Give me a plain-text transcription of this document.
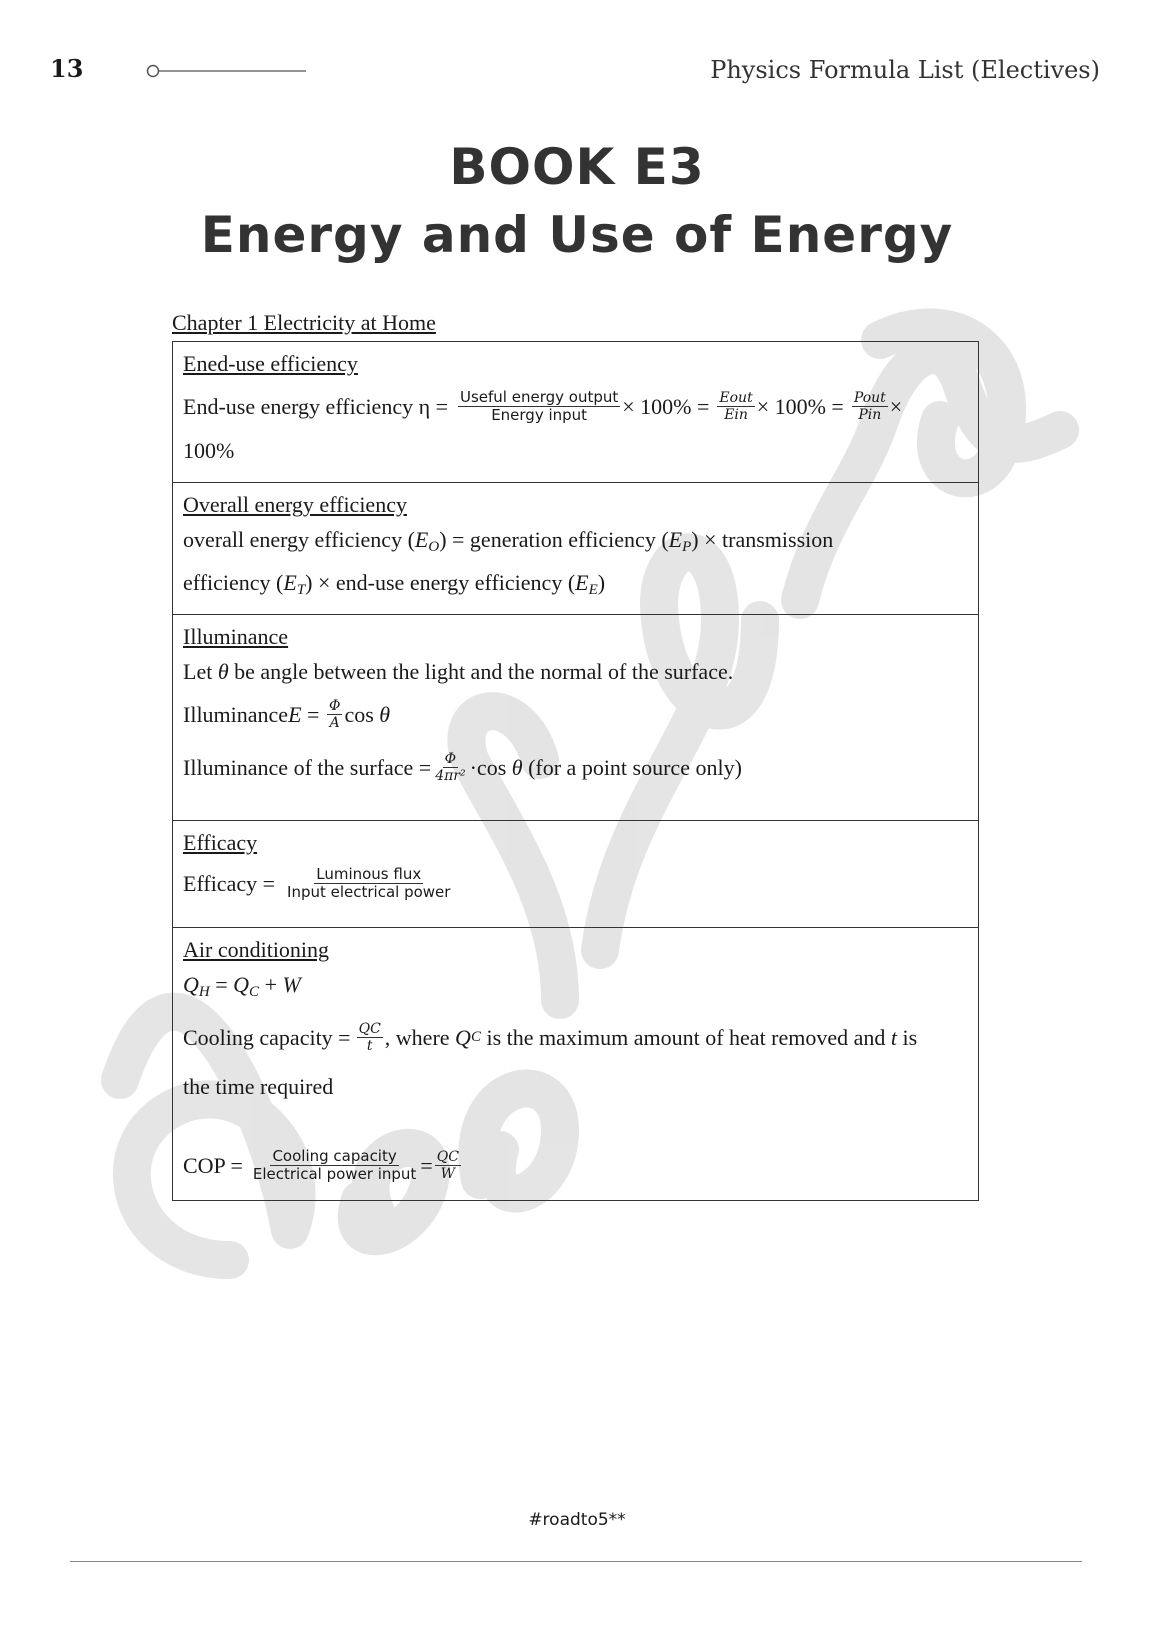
13	Physics Formula List (Electives)
BOOK E3
Energy and Use of Energy
Chapter 1 Electricity at Home
Ened-use efficiency
End-use energy efficiency $\eta = \frac{\text{Useful energy output}}{\text{Energy input}} \times 100\% = \frac{\text{Eout}}{\text{Ein}} \times 100\% = \frac{\text{Pout}}{\text{Pin}}$ ×
100%
Overall energy efficiency
overall energy efficiency $(E_O)$ = generation efficiency $(E_P)$ × transmission
efficiency $(E_T) \times end-use$ energy efficiency $(E_E)$
Illuminance
Let θ be angle between the light and the normal of the surface.
Illuminance $E = \frac{\Phi}{A}$ cos θ
Illuminance of the surface = $\frac{\Phi}{\text{4πr²}} \cdot\cos$ θ (for a point source only)
Efficacy
Efficacy = $\frac{\text{Luminous flux}}{\text{Input electrical power}}$
Air conditioning
$Q_H = Q_C + W$
Cooling capacity = $\frac{QC}{t}$ , where Q C is the maximum amount of heat removed and t is
the time required
COP = $\frac{\text{Cooling capacity}}{\text{Electrical power input}} = \frac{QC}{W}$
#roadto5**
